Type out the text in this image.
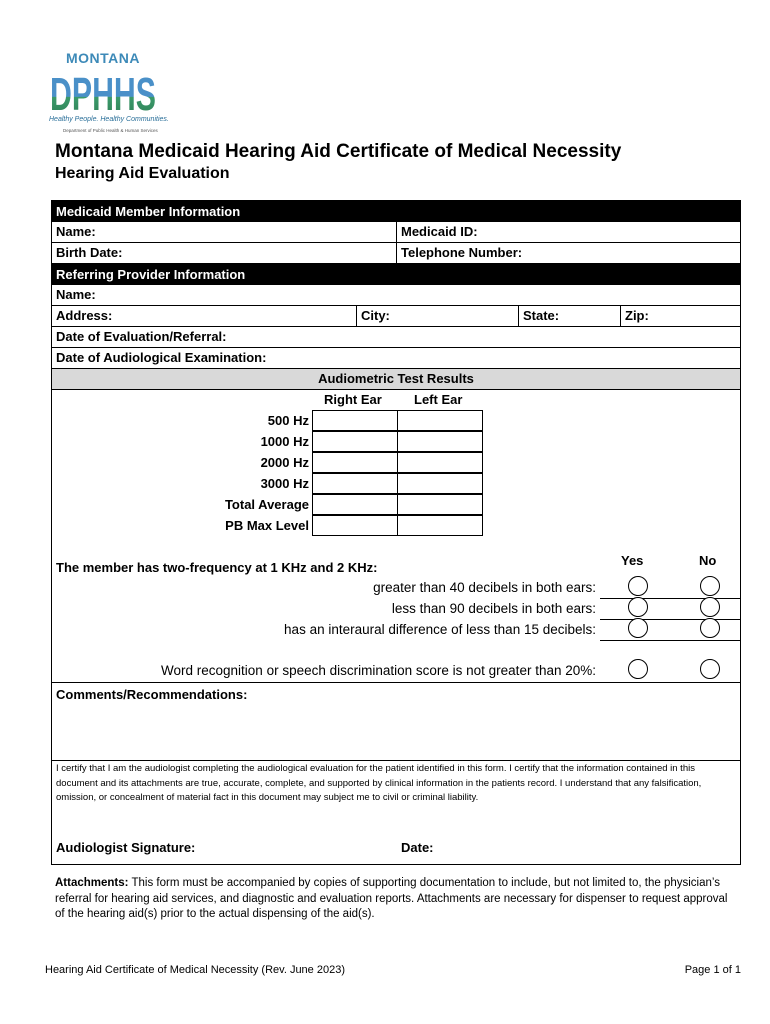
MONTANA
DPHHS
Healthy People. Healthy Communities.
Department of Public Health & Human Services
Montana Medicaid Hearing Aid Certificate of Medical Necessity
Hearing Aid Evaluation
Medicaid Member Information
Name:	Medicaid ID:
Birth Date:	Telephone Number:
Referring Provider Information
Name:
Address:	City:	State:	Zip:
Date of Evaluation/Referral:
Date of Audiological Examination:
Audiometric Test Results
Right Ear Left Ear
500 Hz
1000 Hz
2000 Hz
3000 Hz
Total Average
PB Max Level
Yes	No
The member has two-frequency at 1 KHz and 2 KHz:
greater than 40 decibels in both ears:
less than 90 decibels in both ears:
has an interaural difference of less than 15 decibels:
Word recognition or speech discrimination score is not greater than 20%:
Comments/Recommendations:
I certify that I am the audiologist completing the audiological evaluation for the patient identified in this form. I certify that the information contained in this document and its attachments are true, accurate, complete, and supported by clinical information in the patients record. I understand that any falsification, omission, or concealment of material fact in this document may subject me to civil or criminal liability.
Audiologist Signature:	Date:
Attachments: This form must be accompanied by copies of supporting documentation to include, but not limited to, the physician’s referral for hearing aid services, and diagnostic and evaluation reports. Attachments are necessary for dispenser to request approval of the hearing aid(s) prior to the actual dispensing of the aid(s).
Hearing Aid Certificate of Medical Necessity (Rev. June 2023)	Page 1 of 1
